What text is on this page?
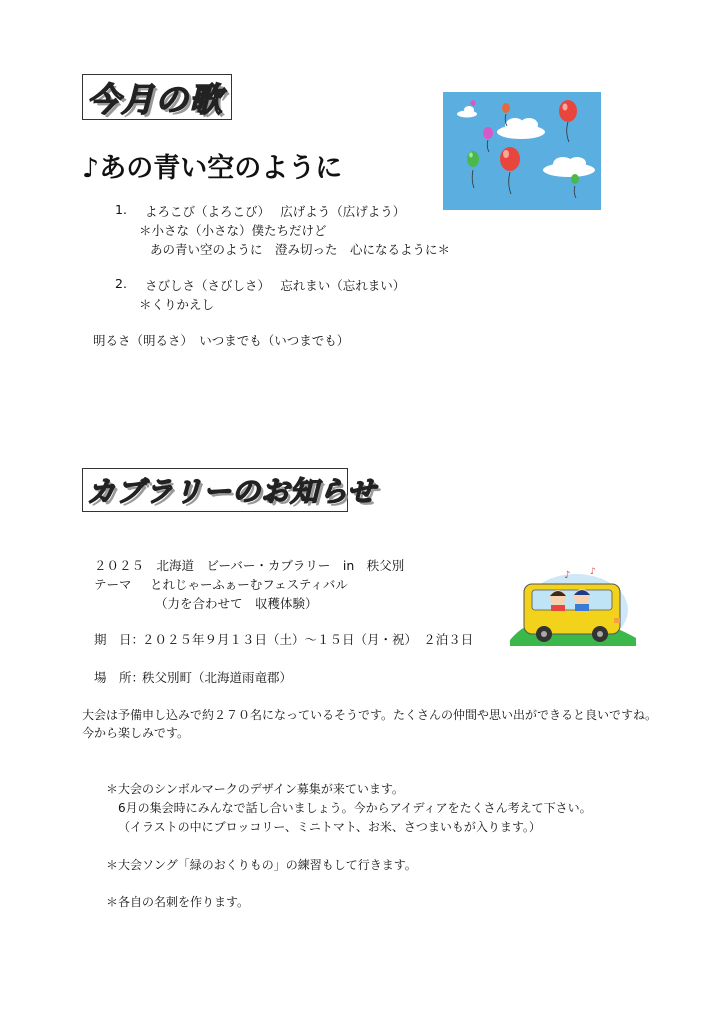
今月の歌
♪あの青い空のように
1. よろこび（よろこび）　 広げよう（広げよう）
＊小さな（小さな）僕たちだけど
あの青い空のように　澄み切った　心になるように＊
2. さびしさ（さびしさ）　 忘れまい（忘れまい）
＊くりかえし
明るさ（明るさ）　いつまでも（いつまでも）
カブラリーのお知らせ
２０２５　北海道　ビーバー・カブラリー　in　秩父別
テーマ とれじゃーふぁーむフェスティバル
（力を合わせて　収穫体験）
期　日：
２０２５年９月１３日（土）～１５日（月・祝）　２泊３日
場　所：
秩父別町（北海道雨竜郡）
♪ ♪
大会は予備申し込みで約２７０名になっているそうです。たくさんの仲間や思い出ができると良いですね。
今から楽しみです。
＊大会のシンボルマークのデザイン募集が来ています。
6月の集会時にみんなで話し合いましょう。今からアイディアをたくさん考えて下さい。
（イラストの中にブロッコリー、ミニトマト、お米、さつまいもが入ります。）
＊大会ソング「緑のおくりもの」の練習もして行きます。
＊各自の名刺を作ります。
